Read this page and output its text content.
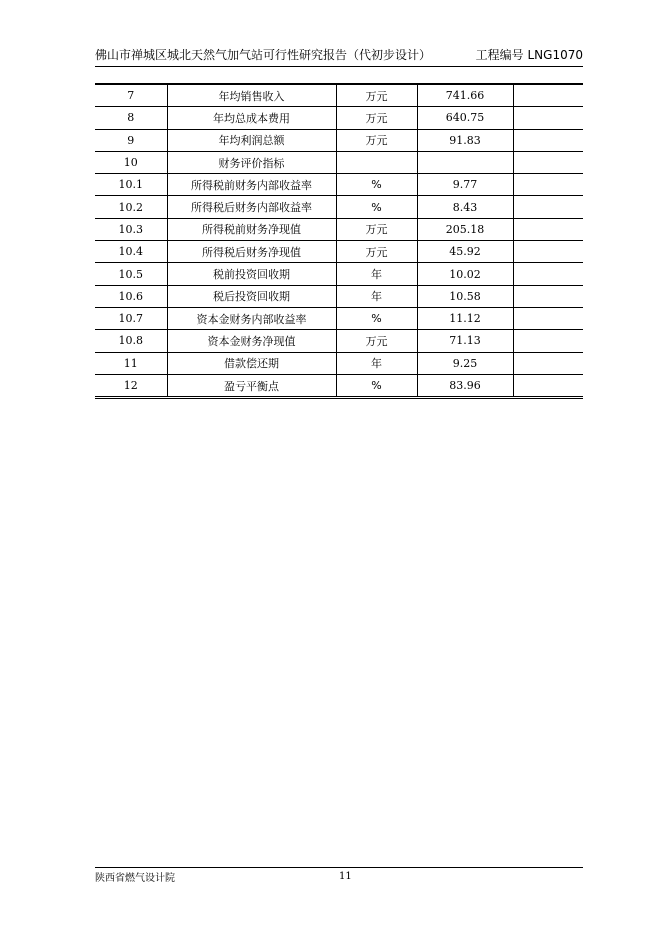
佛山市禅城区城北天然气加气站可行性研究报告（代初步设计）	工程编号 LNG1070
7	年均销售收入	万元	741.66	
8	年均总成本费用	万元	640.75	
9	年均利润总额	万元	91.83	
10	财务评价指标			
10.1	所得税前财务内部收益率	%	9.77	
10.2	所得税后财务内部收益率	%	8.43	
10.3	所得税前财务净现值	万元	205.18	
10.4	所得税后财务净现值	万元	45.92	
10.5	税前投资回收期	年	10.02	
10.6	税后投资回收期	年	10.58	
10.7	资本金财务内部收益率	%	11.12	
10.8	资本金财务净现值	万元	71.13	
11	借款偿还期	年	9.25	
12	盈亏平衡点	%	83.96	
陕西省燃气设计院	11
